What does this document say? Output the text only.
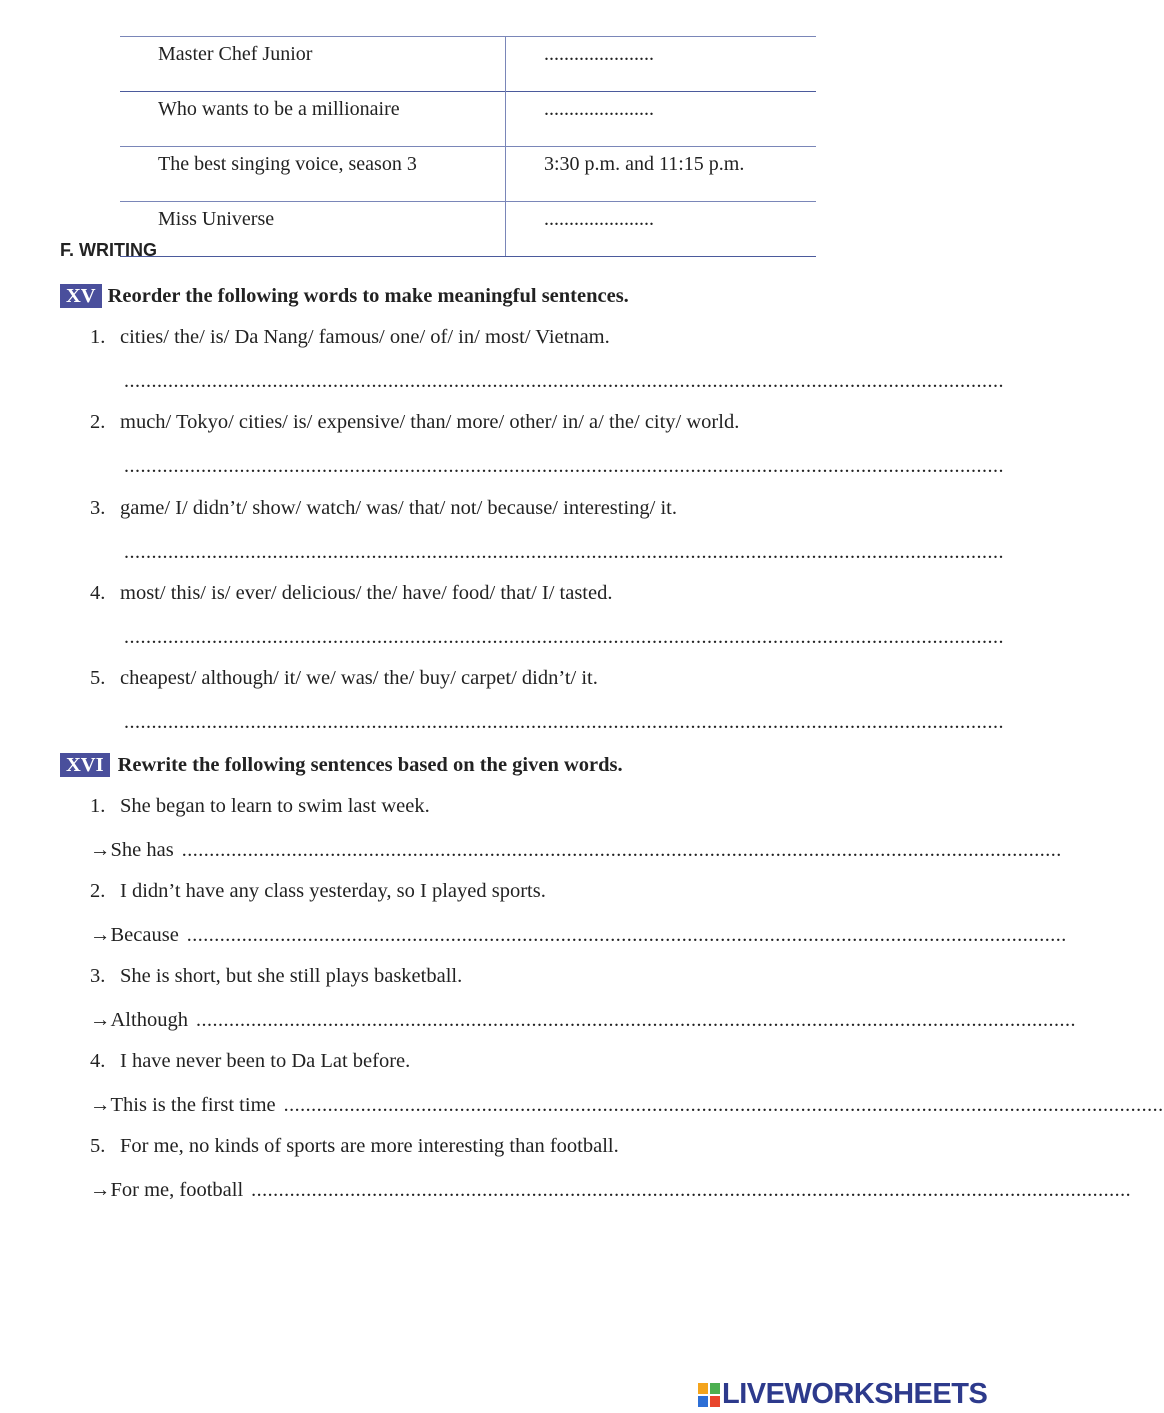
Master Chef Junior	......................
Who wants to be a millionaire	......................
The best singing voice, season 3	3:30 p.m. and 11:15 p.m.
Miss Universe	......................
F. WRITING
XV Reorder the following words to make meaningful sentences.
1. cities/ the/ is/ Da Nang/ famous/ one/ of/ in/ most/ Vietnam.
................................................................................................................................................................
2. much/ Tokyo/ cities/ is/ expensive/ than/ more/ other/ in/ a/ the/ city/ world.
................................................................................................................................................................
3. game/ I/ didn’t/ show/ watch/ was/ that/ not/ because/ interesting/ it.
................................................................................................................................................................
4. most/ this/ is/ ever/ delicious/ the/ have/ food/ that/ I/ tasted.
................................................................................................................................................................
5. cheapest/ although/ it/ we/ was/ the/ buy/ carpet/ didn’t/ it.
................................................................................................................................................................
XVI Rewrite the following sentences based on the given words.
1. She began to learn to swim last week.
→ She has ................................................................................................................................................................
2. I didn’t have any class yesterday, so I played sports.
→ Because ................................................................................................................................................................
3. She is short, but she still plays basketball.
→ Although ................................................................................................................................................................
4. I have never been to Da Lat before.
→ This is the first time ................................................................................................................................................................
5. For me, no kinds of sports are more interesting than football.
→ For me, football ................................................................................................................................................................
LIVEWORKSHEETS
